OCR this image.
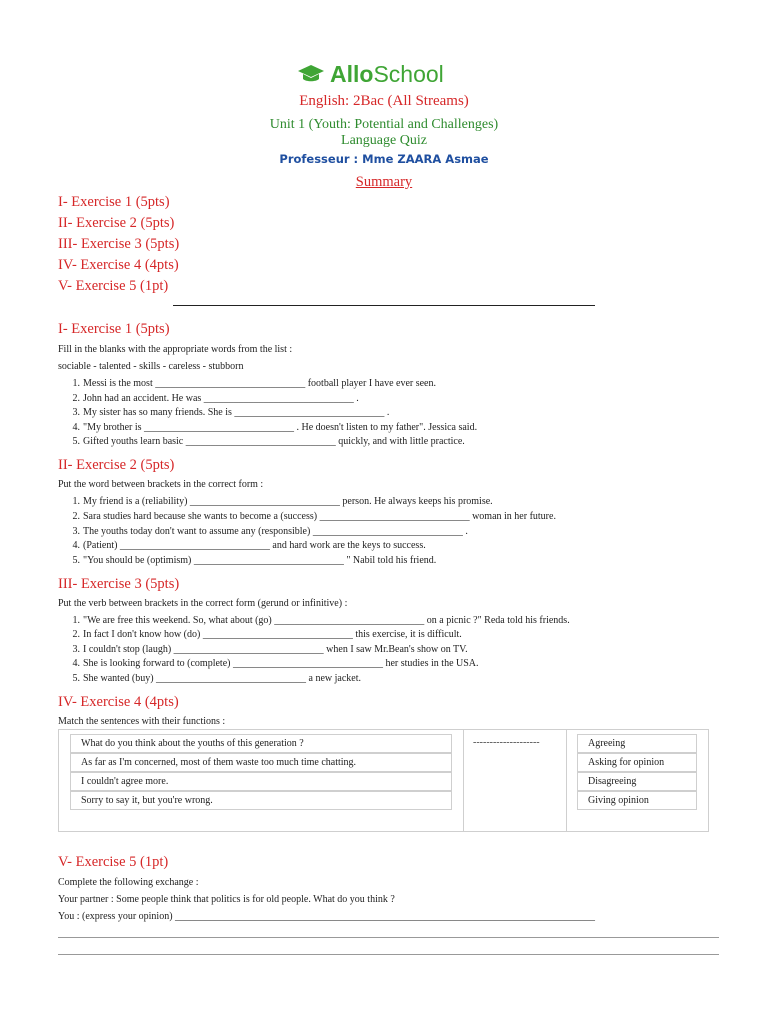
Allo School
English: 2Bac (All Streams)
Unit 1 (Youth: Potential and Challenges)
Language Quiz
Professeur : Mme ZAARA Asmae
Summary
I- Exercise 1 (5pts)
II- Exercise 2 (5pts)
III- Exercise 3 (5pts)
IV- Exercise 4 (4pts)
V- Exercise 5 (1pt)
I- Exercise 1 (5pts)
Fill in the blanks with the appropriate words from the list :
sociable - talented - skills - careless - stubborn
1. Messi is the most ______________________________ football player I have ever seen.
2. John had an accident. He was ______________________________ .
3. My sister has so many friends. She is ______________________________ .
4. "My brother is ______________________________ . He doesn't listen to my father". Jessica said.
5. Gifted youths learn basic ______________________________ quickly, and with little practice.
II- Exercise 2 (5pts)
Put the word between brackets in the correct form :
1. My friend is a (reliability) ______________________________ person. He always keeps his promise.
2. Sara studies hard because she wants to become a (success) ______________________________ woman in her future.
3. The youths today don't want to assume any (responsible) ______________________________ .
4. (Patient) ______________________________ and hard work are the keys to success.
5. "You should be (optimism) ______________________________ " Nabil told his friend.
III- Exercise 3 (5pts)
Put the verb between brackets in the correct form (gerund or infinitive) :
1. "We are free this weekend. So, what about (go) ______________________________ on a picnic ?" Reda told his friends.
2. In fact I don't know how (do) ______________________________ this exercise, it is difficult.
3. I couldn't stop (laugh) ______________________________ when I saw Mr.Bean's show on TV.
4. She is looking forward to (complete) ______________________________ her studies in the USA.
5. She wanted (buy) ______________________________ a new jacket.
IV- Exercise 4 (4pts)
Match the sentences with their functions :
What do you think about the youths of this generation ?
As far as I'm concerned, most of them waste too much time chatting.
I couldn't agree more.
Sorry to say it, but you're wrong.
--------------------	Agreeing
Asking for opinion
Disagreeing
Giving opinion
V- Exercise 5 (1pt)
Complete the following exchange :
Your partner : Some people think that politics is for old people. What do you think ?
You : (express your opinion) ____________________________________________________________________________________
